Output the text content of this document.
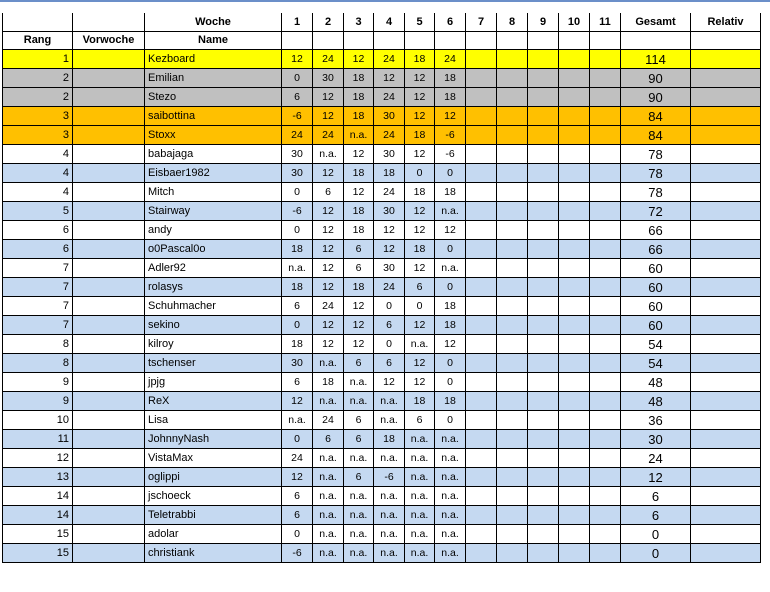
		Woche	1	2	3	4	5	6	7	8	9	10	11	Gesamt	Relativ
Rang	Vorwoche	Name													
1		Kezboard	12	24	12	24	18	24						114	
2		Emilian	0	30	18	12	12	18						90	
2		Stezo	6	12	18	24	12	18						90	
3		saibottina	-6	12	18	30	12	12						84	
3		Stoxx	24	24	n.a.	24	18	-6						84	
4		babajaga	30	n.a.	12	30	12	-6						78	
4		Eisbaer1982	30	12	18	18	0	0						78	
4		Mitch	0	6	12	24	18	18						78	
5		Stairway	-6	12	18	30	12	n.a.						72	
6		andy	0	12	18	12	12	12						66	
6		o0Pascal0o	18	12	6	12	18	0						66	
7		Adler92	n.a.	12	6	30	12	n.a.						60	
7		rolasys	18	12	18	24	6	0						60	
7		Schuhmacher	6	24	12	0	0	18						60	
7		sekino	0	12	12	6	12	18						60	
8		kilroy	18	12	12	0	n.a.	12						54	
8		tschenser	30	n.a.	6	6	12	0						54	
9		jpjg	6	18	n.a.	12	12	0						48	
9		ReX	12	n.a.	n.a.	n.a.	18	18						48	
10		Lisa	n.a.	24	6	n.a.	6	0						36	
11		JohnnyNash	0	6	6	18	n.a.	n.a.						30	
12		VistaMax	24	n.a.	n.a.	n.a.	n.a.	n.a.						24	
13		oglippi	12	n.a.	6	-6	n.a.	n.a.						12	
14		jschoeck	6	n.a.	n.a.	n.a.	n.a.	n.a.						6	
14		Teletrabbi	6	n.a.	n.a.	n.a.	n.a.	n.a.						6	
15		adolar	0	n.a.	n.a.	n.a.	n.a.	n.a.						0	
15		christiank	-6	n.a.	n.a.	n.a.	n.a.	n.a.						0	
